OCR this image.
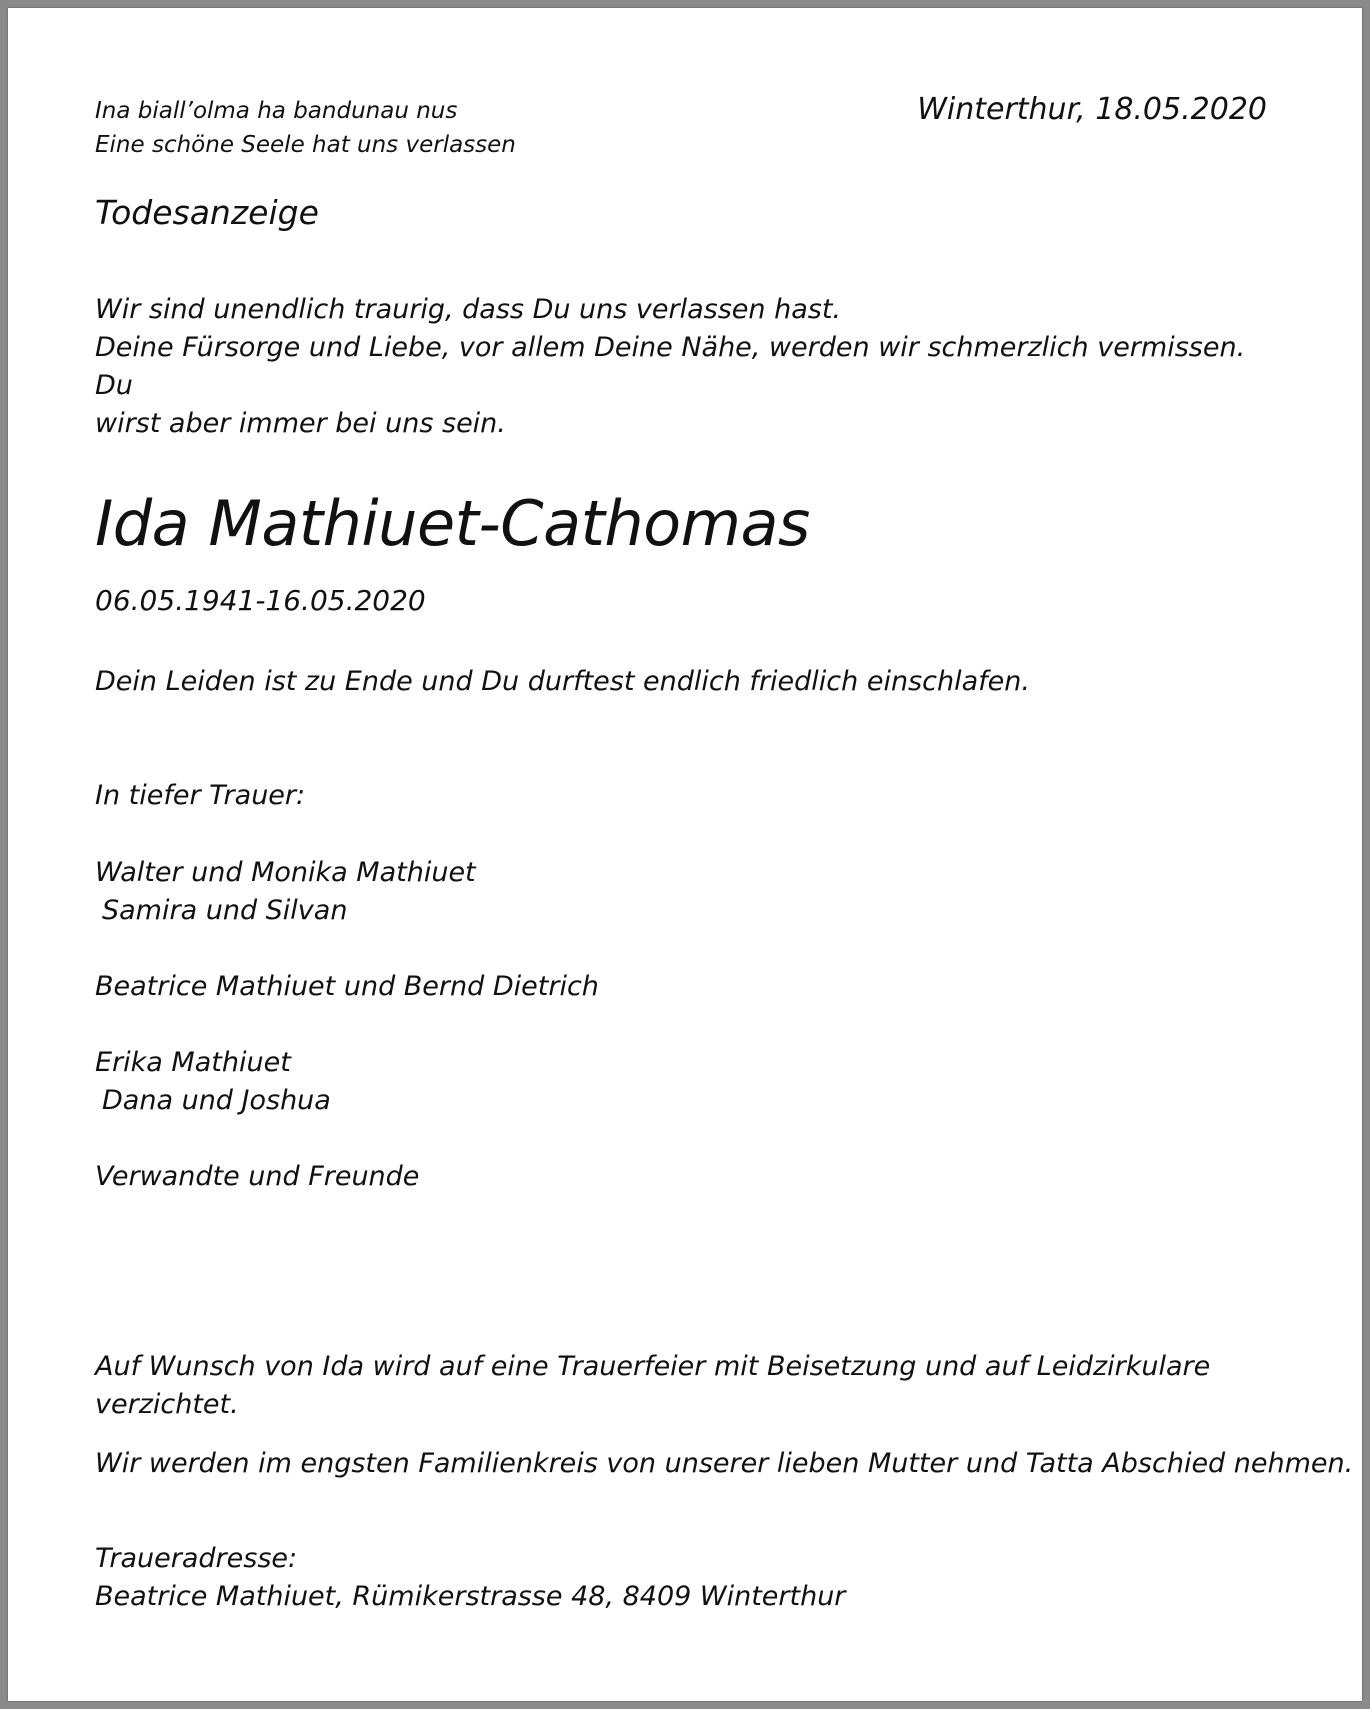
Ina biall’olma ha bandunau nus
Eine schöne Seele hat uns verlassen
Winterthur, 18.05.2020
Todesanzeige
Wir sind unendlich traurig, dass Du uns verlassen hast.
Deine Fürsorge und Liebe, vor allem Deine Nähe, werden wir schmerzlich vermissen. Du
wirst aber immer bei uns sein.
Ida Mathiuet-Cathomas
06.05.1941-16.05.2020
Dein Leiden ist zu Ende und Du durftest endlich friedlich einschlafen.
In tiefer Trauer:
Walter und Monika Mathiuet
Samira und Silvan
Beatrice Mathiuet und Bernd Dietrich
Erika Mathiuet
Dana und Joshua
Verwandte und Freunde
Auf Wunsch von Ida wird auf eine Trauerfeier mit Beisetzung und auf Leidzirkulare
verzichtet.
Wir werden im engsten Familienkreis von unserer lieben Mutter und Tatta Abschied nehmen.
Traueradresse:
Beatrice Mathiuet, Rümikerstrasse 48, 8409 Winterthur
